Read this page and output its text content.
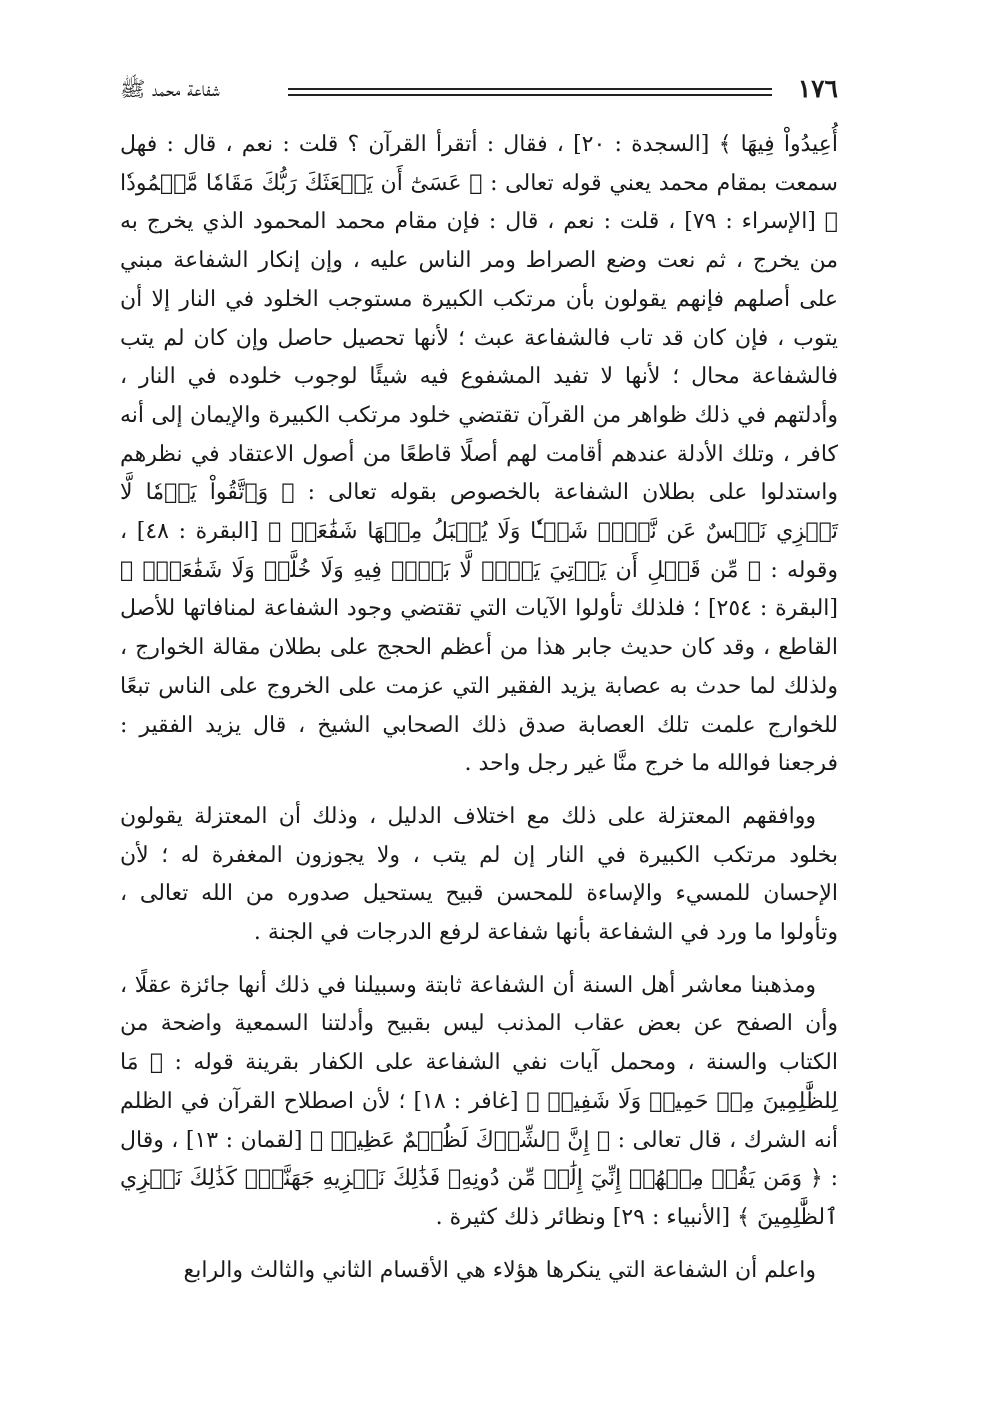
١٧٦
شفاعة محمد ﷺ

أُعِيدُواْ فِيهَا ﴾ [السجدة : ٢٠] ، فقال : أتقرأ القرآن ؟ قلت : نعم ، قال : فهل سمعت بمقام محمد يعني قوله تعالى : ﴿ عَسَىٰٓ أَن يَبۡعَثَكَ رَبُّكَ مَقَامٗا مَّحۡمُودٗا ﴾ [الإسراء : ٧٩] ، قلت : نعم ، قال : فإن مقام محمد المحمود الذي يخرج به من يخرج ، ثم نعت وضع الصراط ومر الناس عليه ، وإن إنكار الشفاعة مبني على أصلهم فإنهم يقولون بأن مرتكب الكبيرة مستوجب الخلود في النار إلا أن يتوب ، فإن كان قد تاب فالشفاعة عبث ؛ لأنها تحصيل حاصل وإن كان لم يتب فالشفاعة محال ؛ لأنها لا تفيد المشفوع فيه شيئًا لوجوب خلوده في النار ، وأدلتهم في ذلك ظواهر من القرآن تقتضي خلود مرتكب الكبيرة والإيمان إلى أنه كافر ، وتلك الأدلة عندهم أقامت لهم أصلًا قاطعًا من أصول الاعتقاد في نظرهم واستدلوا على بطلان الشفاعة بالخصوص بقوله تعالى : ﴿ وَٱتَّقُواْ يَوۡمٗا لَّا تَجۡزِي نَفۡسٌ عَن نَّفۡسٖ شَيۡـٔٗا وَلَا يُقۡبَلُ مِنۡهَا شَفَٰعَةٞ ﴾ [البقرة : ٤٨] ، وقوله : ﴿ مِّن قَبۡلِ أَن يَأۡتِيَ يَوۡمٞ لَّا بَيۡعٞ فِيهِ وَلَا خُلَّةٞ وَلَا شَفَٰعَةٞۗ ﴾ [البقرة : ٢٥٤] ؛ فلذلك تأولوا الآيات التي تقتضي وجود الشفاعة لمنافاتها للأصل القاطع ، وقد كان حديث جابر هذا من أعظم الحجج على بطلان مقالة الخوارج ، ولذلك لما حدث به عصابة يزيد الفقير التي عزمت على الخروج على الناس تبعًا للخوارج علمت تلك العصابة صدق ذلك الصحابي الشيخ ، قال يزيد الفقير : فرجعنا فوالله ما خرج منَّا غير رجل واحد .

ووافقهم المعتزلة على ذلك مع اختلاف الدليل ، وذلك أن المعتزلة يقولون بخلود مرتكب الكبيرة في النار إن لم يتب ، ولا يجوزون المغفرة له ؛ لأن الإحسان للمسيء والإساءة للمحسن قبيح يستحيل صدوره من الله تعالى ، وتأولوا ما ورد في الشفاعة بأنها شفاعة لرفع الدرجات في الجنة .

ومذهبنا معاشر أهل السنة أن الشفاعة ثابتة وسبيلنا في ذلك أنها جائزة عقلًا ، وأن الصفح عن بعض عقاب المذنب ليس بقبيح وأدلتنا السمعية واضحة من الكتاب والسنة ، ومحمل آيات نفي الشفاعة على الكفار بقرينة قوله : ﴿ مَا لِلظَّٰلِمِينَ مِنۡ حَمِيمٖ وَلَا شَفِيعٖ ﴾ [غافر : ١٨] ؛ لأن اصطلاح القرآن في الظلم أنه الشرك ، قال تعالى : ﴿ إِنَّ ٱلشِّرۡكَ لَظُلۡمٌ عَظِيمٞ ﴾ [لقمان : ١٣] ، وقال : ﴿ وَمَن يَقُلۡ مِنۡهُمۡ إِنِّيٓ إِلَٰهٞ مِّن دُونِهِۦ فَذَٰلِكَ نَجۡزِيهِ جَهَنَّمَۚ كَذَٰلِكَ نَجۡزِي ٱلظَّٰلِمِينَ ﴾ [الأنبياء : ٢٩] ونظائر ذلك كثيرة .

واعلم أن الشفاعة التي ينكرها هؤلاء هي الأقسام الثاني والثالث والرابع
